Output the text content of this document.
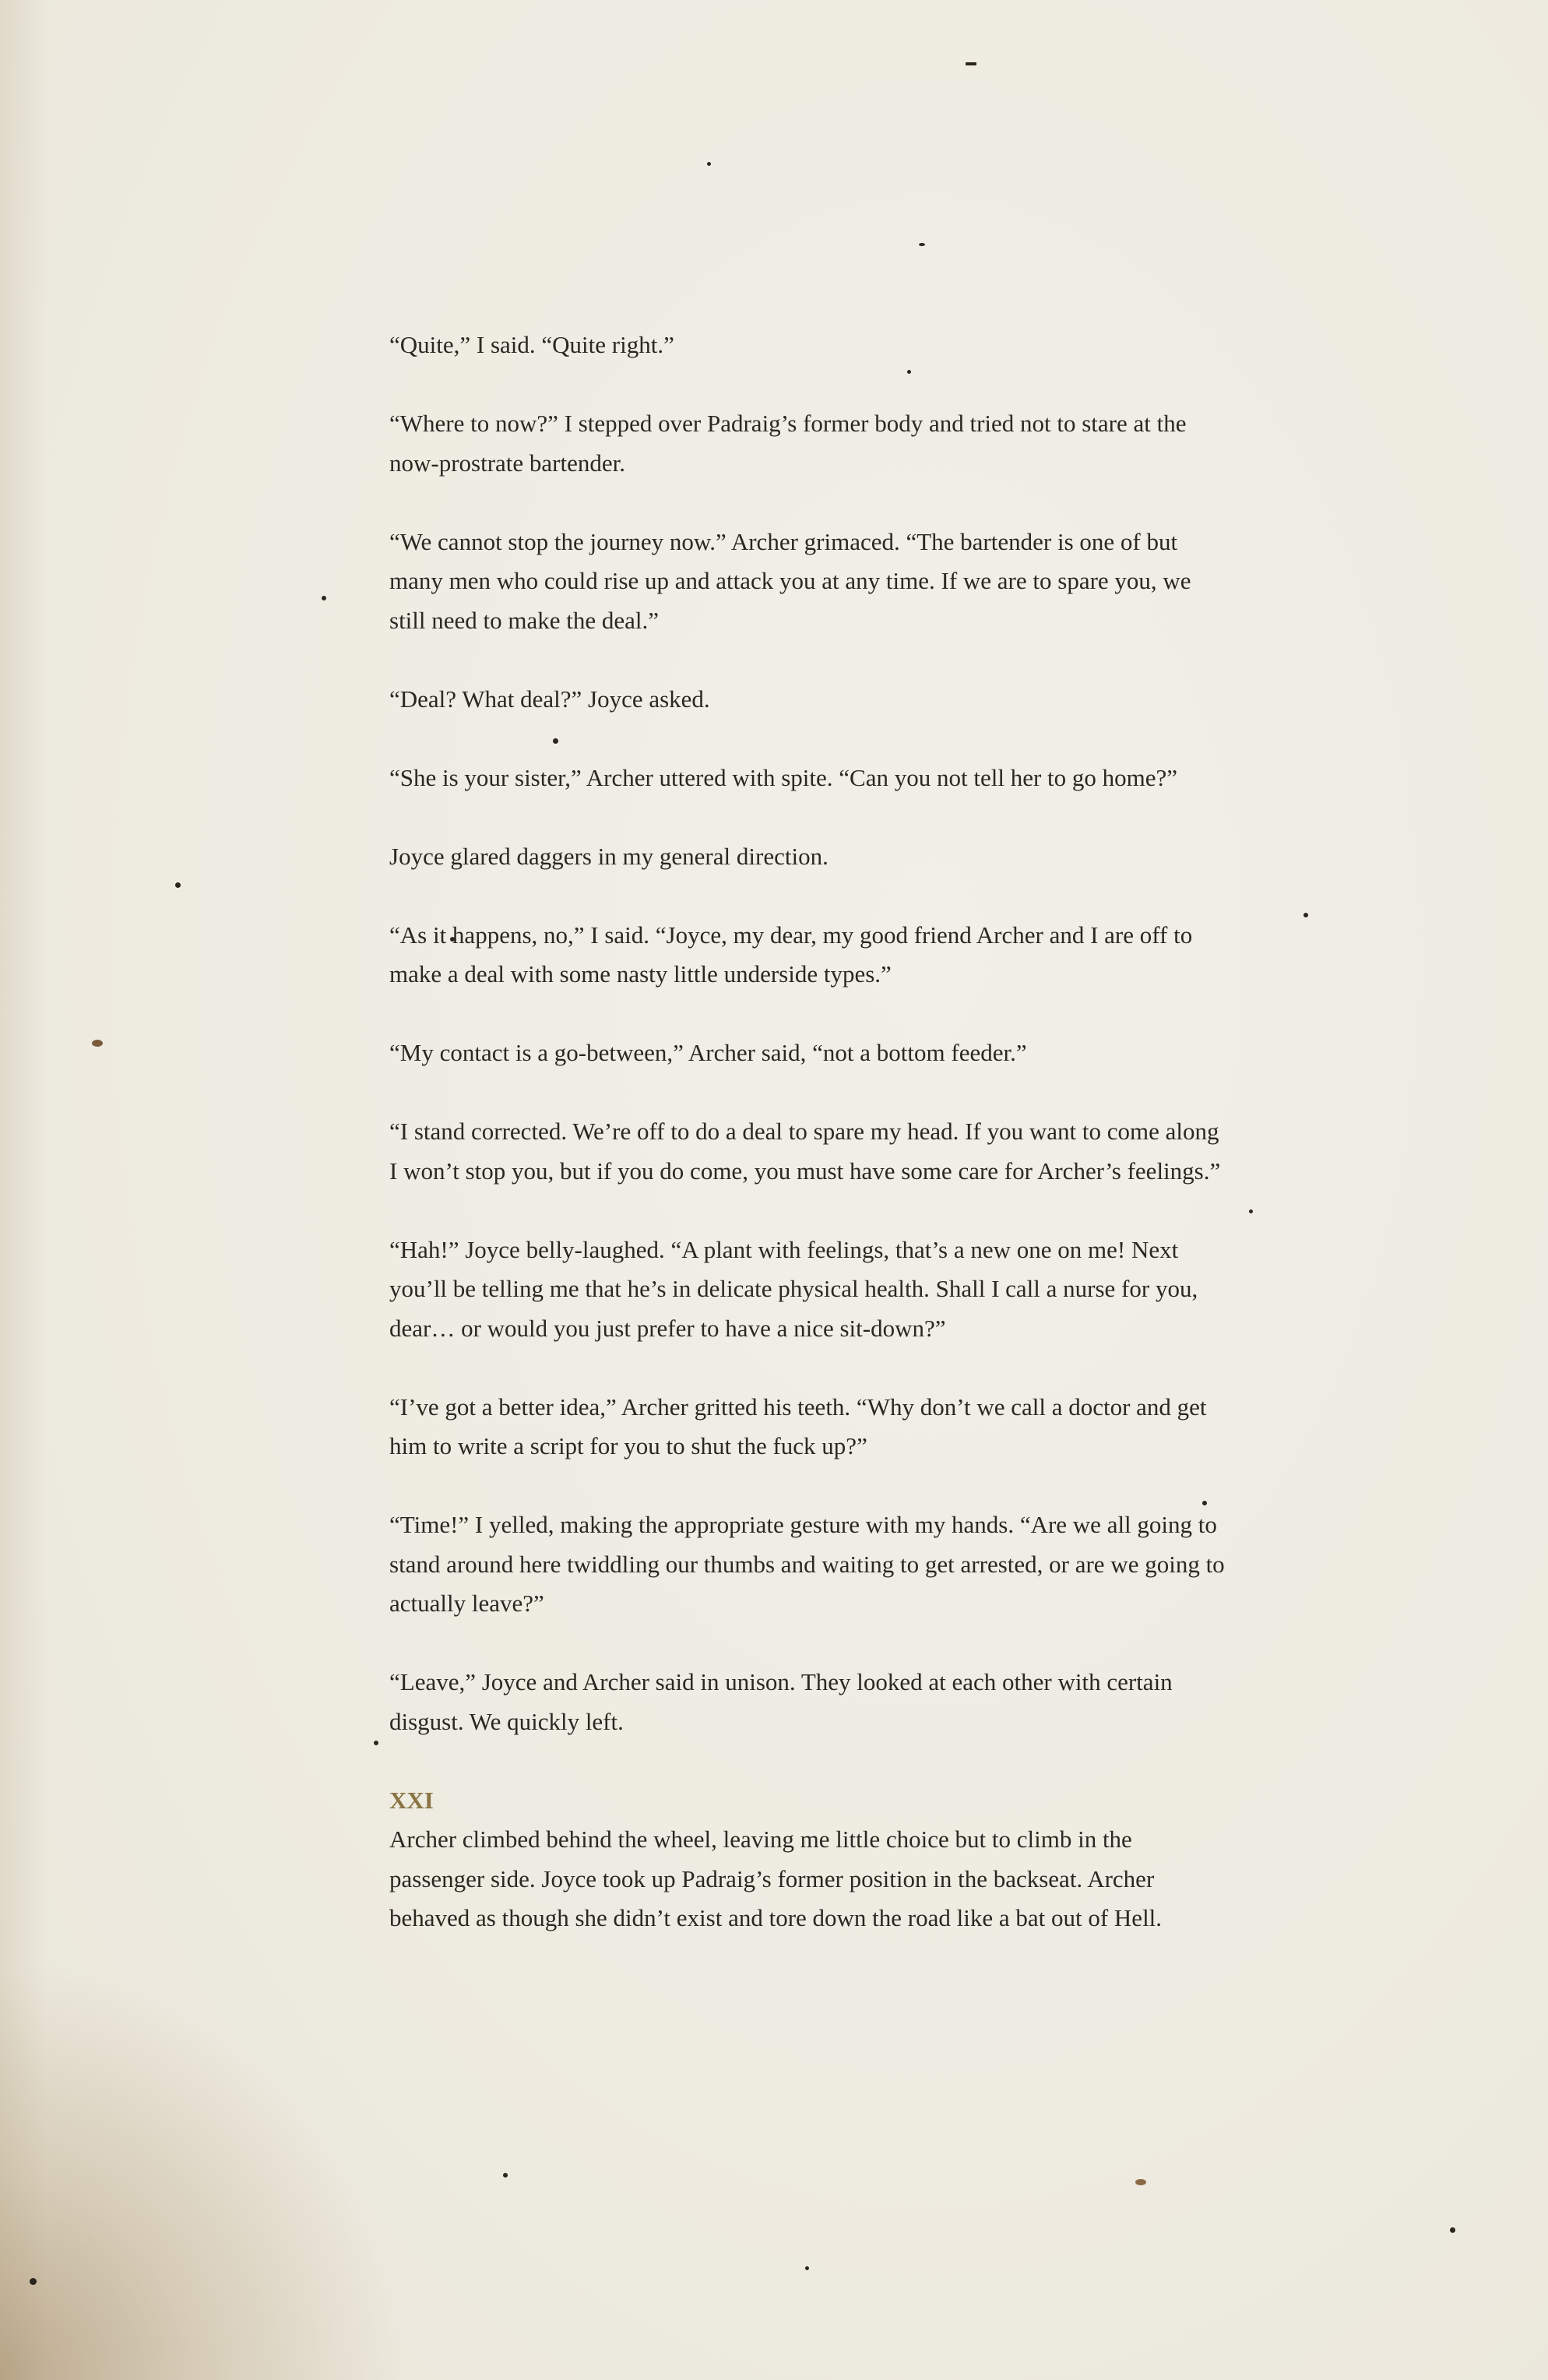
“Quite,” I said. “Quite right.”

“Where to now?” I stepped over Padraig’s former body and tried not to stare at the now-prostrate bartender.

“We cannot stop the journey now.” Archer grimaced. “The bartender is one of but many men who could rise up and attack you at any time. If we are to spare you, we still need to make the deal.”

“Deal? What deal?” Joyce asked.

“She is your sister,” Archer uttered with spite. “Can you not tell her to go home?”

Joyce glared daggers in my general direction.

“As it happens, no,” I said. “Joyce, my dear, my good friend Archer and I are off to make a deal with some nasty little underside types.”

“My contact is a go-between,” Archer said, “not a bottom feeder.”

“I stand corrected. We’re off to do a deal to spare my head. If you want to come along I won’t stop you, but if you do come, you must have some care for Archer’s feelings.”

“Hah!” Joyce belly-laughed. “A plant with feelings, that’s a new one on me! Next you’ll be telling me that he’s in delicate physical health. Shall I call a nurse for you, dear… or would you just prefer to have a nice sit-down?”

“I’ve got a better idea,” Archer gritted his teeth. “Why don’t we call a doctor and get him to write a script for you to shut the fuck up?”

“Time!” I yelled, making the appropriate gesture with my hands. “Are we all going to stand around here twiddling our thumbs and waiting to get arrested, or are we going to actually leave?”

“Leave,” Joyce and Archer said in unison. They looked at each other with certain disgust. We quickly left.

XXI

Archer climbed behind the wheel, leaving me little choice but to climb in the passenger side. Joyce took up Padraig’s former position in the backseat. Archer behaved as though she didn’t exist and tore down the road like a bat out of Hell.
